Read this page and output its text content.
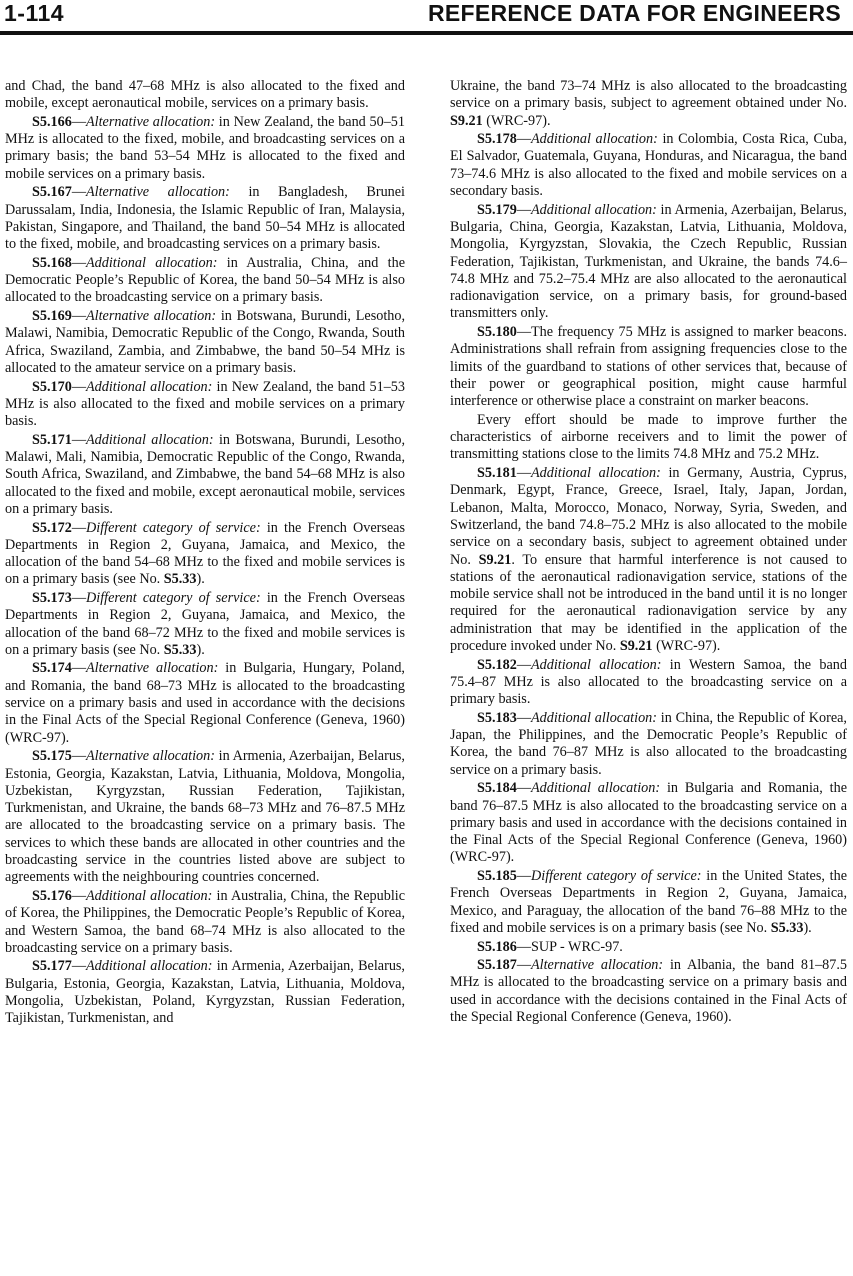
1-114	REFERENCE DATA FOR ENGINEERS

and Chad, the band 47–68 MHz is also allocated to the fixed and mobile, except aeronautical mobile, services on a primary basis.

S5.166—Alternative allocation: in New Zealand, the band 50–51 MHz is allocated to the fixed, mobile, and broadcasting services on a primary basis; the band 53–54 MHz is allocated to the fixed and mobile services on a primary basis.

S5.167—Alternative allocation: in Bangladesh, Brunei Darussalam, India, Indonesia, the Islamic Republic of Iran, Malaysia, Pakistan, Singapore, and Thailand, the band 50–54 MHz is allocated to the fixed, mobile, and broadcasting services on a primary basis.

S5.168—Additional allocation: in Australia, China, and the Democratic People’s Republic of Korea, the band 50–54 MHz is also allocated to the broadcasting service on a primary basis.

S5.169—Alternative allocation: in Botswana, Burundi, Lesotho, Malawi, Namibia, Democratic Republic of the Congo, Rwanda, South Africa, Swaziland, Zambia, and Zimbabwe, the band 50–54 MHz is allocated to the amateur service on a primary basis.

S5.170—Additional allocation: in New Zealand, the band 51–53 MHz is also allocated to the fixed and mobile services on a primary basis.

S5.171—Additional allocation: in Botswana, Burundi, Lesotho, Malawi, Mali, Namibia, Democratic Republic of the Congo, Rwanda, South Africa, Swaziland, and Zimbabwe, the band 54–68 MHz is also allocated to the fixed and mobile, except aeronautical mobile, services on a primary basis.

S5.172—Different category of service: in the French Overseas Departments in Region 2, Guyana, Jamaica, and Mexico, the allocation of the band 54–68 MHz to the fixed and mobile services is on a primary basis (see No. S5.33).

S5.173—Different category of service: in the French Overseas Departments in Region 2, Guyana, Jamaica, and Mexico, the allocation of the band 68–72 MHz to the fixed and mobile services is on a primary basis (see No. S5.33).

S5.174—Alternative allocation: in Bulgaria, Hungary, Poland, and Romania, the band 68–73 MHz is allocated to the broadcasting service on a primary basis and used in accordance with the decisions in the Final Acts of the Special Regional Conference (Geneva, 1960) (WRC-97).

S5.175—Alternative allocation: in Armenia, Azerbaijan, Belarus, Estonia, Georgia, Kazakstan, Latvia, Lithuania, Moldova, Mongolia, Uzbekistan, Kyrgyzstan, Russian Federation, Tajikistan, Turkmenistan, and Ukraine, the bands 68–73 MHz and 76–87.5 MHz are allocated to the broadcasting service on a primary basis. The services to which these bands are allocated in other countries and the broadcasting service in the countries listed above are subject to agreements with the neighbouring countries concerned.

S5.176—Additional allocation: in Australia, China, the Republic of Korea, the Philippines, the Democratic People’s Republic of Korea, and Western Samoa, the band 68–74 MHz is also allocated to the broadcasting service on a primary basis.

S5.177—Additional allocation: in Armenia, Azerbaijan, Belarus, Bulgaria, Estonia, Georgia, Kazakstan, Latvia, Lithuania, Moldova, Mongolia, Uzbekistan, Poland, Kyrgyzstan, Russian Federation, Tajikistan, Turkmenistan, and

Ukraine, the band 73–74 MHz is also allocated to the broadcasting service on a primary basis, subject to agreement obtained under No. S9.21 (WRC-97).

S5.178—Additional allocation: in Colombia, Costa Rica, Cuba, El Salvador, Guatemala, Guyana, Honduras, and Nicaragua, the band 73–74.6 MHz is also allocated to the fixed and mobile services on a secondary basis.

S5.179—Additional allocation: in Armenia, Azerbaijan, Belarus, Bulgaria, China, Georgia, Kazakstan, Latvia, Lithuania, Moldova, Mongolia, Kyrgyzstan, Slovakia, the Czech Republic, Russian Federation, Tajikistan, Turkmenistan, and Ukraine, the bands 74.6–74.8 MHz and 75.2–75.4 MHz are also allocated to the aeronautical radionavigation service, on a primary basis, for ground-based transmitters only.

S5.180—The frequency 75 MHz is assigned to marker beacons. Administrations shall refrain from assigning frequencies close to the limits of the guardband to stations of other services that, because of their power or geographical position, might cause harmful interference or otherwise place a constraint on marker beacons.

Every effort should be made to improve further the characteristics of airborne receivers and to limit the power of transmitting stations close to the limits 74.8 MHz and 75.2 MHz.

S5.181—Additional allocation: in Germany, Austria, Cyprus, Denmark, Egypt, France, Greece, Israel, Italy, Japan, Jordan, Lebanon, Malta, Morocco, Monaco, Norway, Syria, Sweden, and Switzerland, the band 74.8–75.2 MHz is also allocated to the mobile service on a secondary basis, subject to agreement obtained under No. S9.21. To ensure that harmful interference is not caused to stations of the aeronautical radionavigation service, stations of the mobile service shall not be introduced in the band until it is no longer required for the aeronautical radionavigation service by any administration that may be identified in the application of the procedure invoked under No. S9.21 (WRC-97).

S5.182—Additional allocation: in Western Samoa, the band 75.4–87 MHz is also allocated to the broadcasting service on a primary basis.

S5.183—Additional allocation: in China, the Republic of Korea, Japan, the Philippines, and the Democratic People’s Republic of Korea, the band 76–87 MHz is also allocated to the broadcasting service on a primary basis.

S5.184—Additional allocation: in Bulgaria and Romania, the band 76–87.5 MHz is also allocated to the broadcasting service on a primary basis and used in accordance with the decisions contained in the Final Acts of the Special Regional Conference (Geneva, 1960) (WRC-97).

S5.185—Different category of service: in the United States, the French Overseas Departments in Region 2, Guyana, Jamaica, Mexico, and Paraguay, the allocation of the band 76–88 MHz to the fixed and mobile services is on a primary basis (see No. S5.33).

S5.186—SUP - WRC-97.

S5.187—Alternative allocation: in Albania, the band 81–87.5 MHz is allocated to the broadcasting service on a primary basis and used in accordance with the decisions contained in the Final Acts of the Special Regional Conference (Geneva, 1960).
